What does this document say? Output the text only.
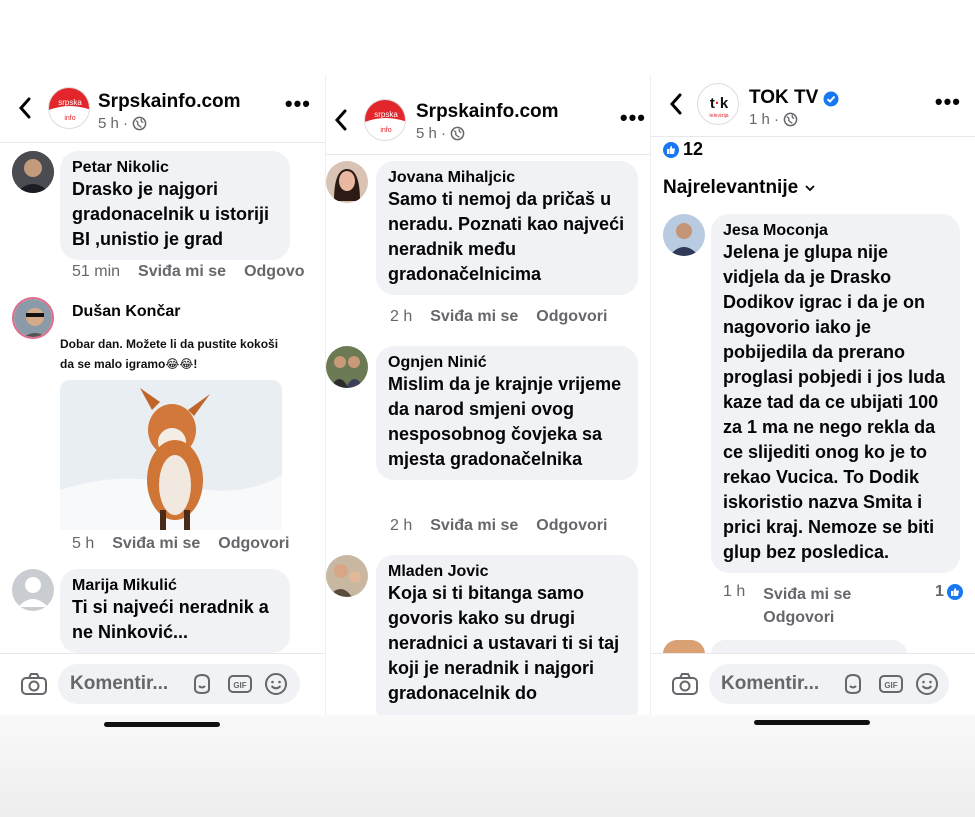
srpska
info
Srpskainfo.com
5 h ·
•••
Petar Nikolic
Drasko je najgori gradonacelnik u istoriji BI ,unistio je grad
51 min Sviđa mi se Odgovo
Dušan Končar
Dobar dan. Možete li da pustite kokoši da se malo igramo😂😂!
5 h Sviđa mi se Odgovori
Marija Mikulić
Ti si najveći neradnik a ne Ninković...
Komentir...	GIF
srpska
info
Srpskainfo.com
5 h ·
•••
Jovana Mihaljcic
Samo ti nemoj da pričaš u neradu. Poznati kao najveći neradnik među gradonačelnicima
2 h Sviđa mi se Odgovori
Ognjen Ninić
Mislim da je krajnje vrijeme da narod smjeni ovog nesposobnog čovjeka sa mjesta gradonačelnika
2 h Sviđa mi se Odgovori
Mladen Jovic
Koja si ti bitanga samo govoris kako su drugi neradnici a ustavari ti si taj koji je neradnik i najgori gradonacelnik do
t·k
televizija
TOK TV
1 h ·
•••
12
Najrelevantnije
Jesa Moconja
Jelena je glupa nije vidjela da je Drasko Dodikov igrac i da je on nagovorio iako je pobijedila da prerano proglasi pobjedi i jos luda kaze tad da ce ubijati 100 za 1 ma ne nego rekla da ce slijediti onog ko je to rekao Vucica. To Dodik iskoristio nazva Smita i prici kraj. Nemoze se biti glup bez posledica.
1 h Sviđa mi se
Odgovori
1
Komentir...	GIF
